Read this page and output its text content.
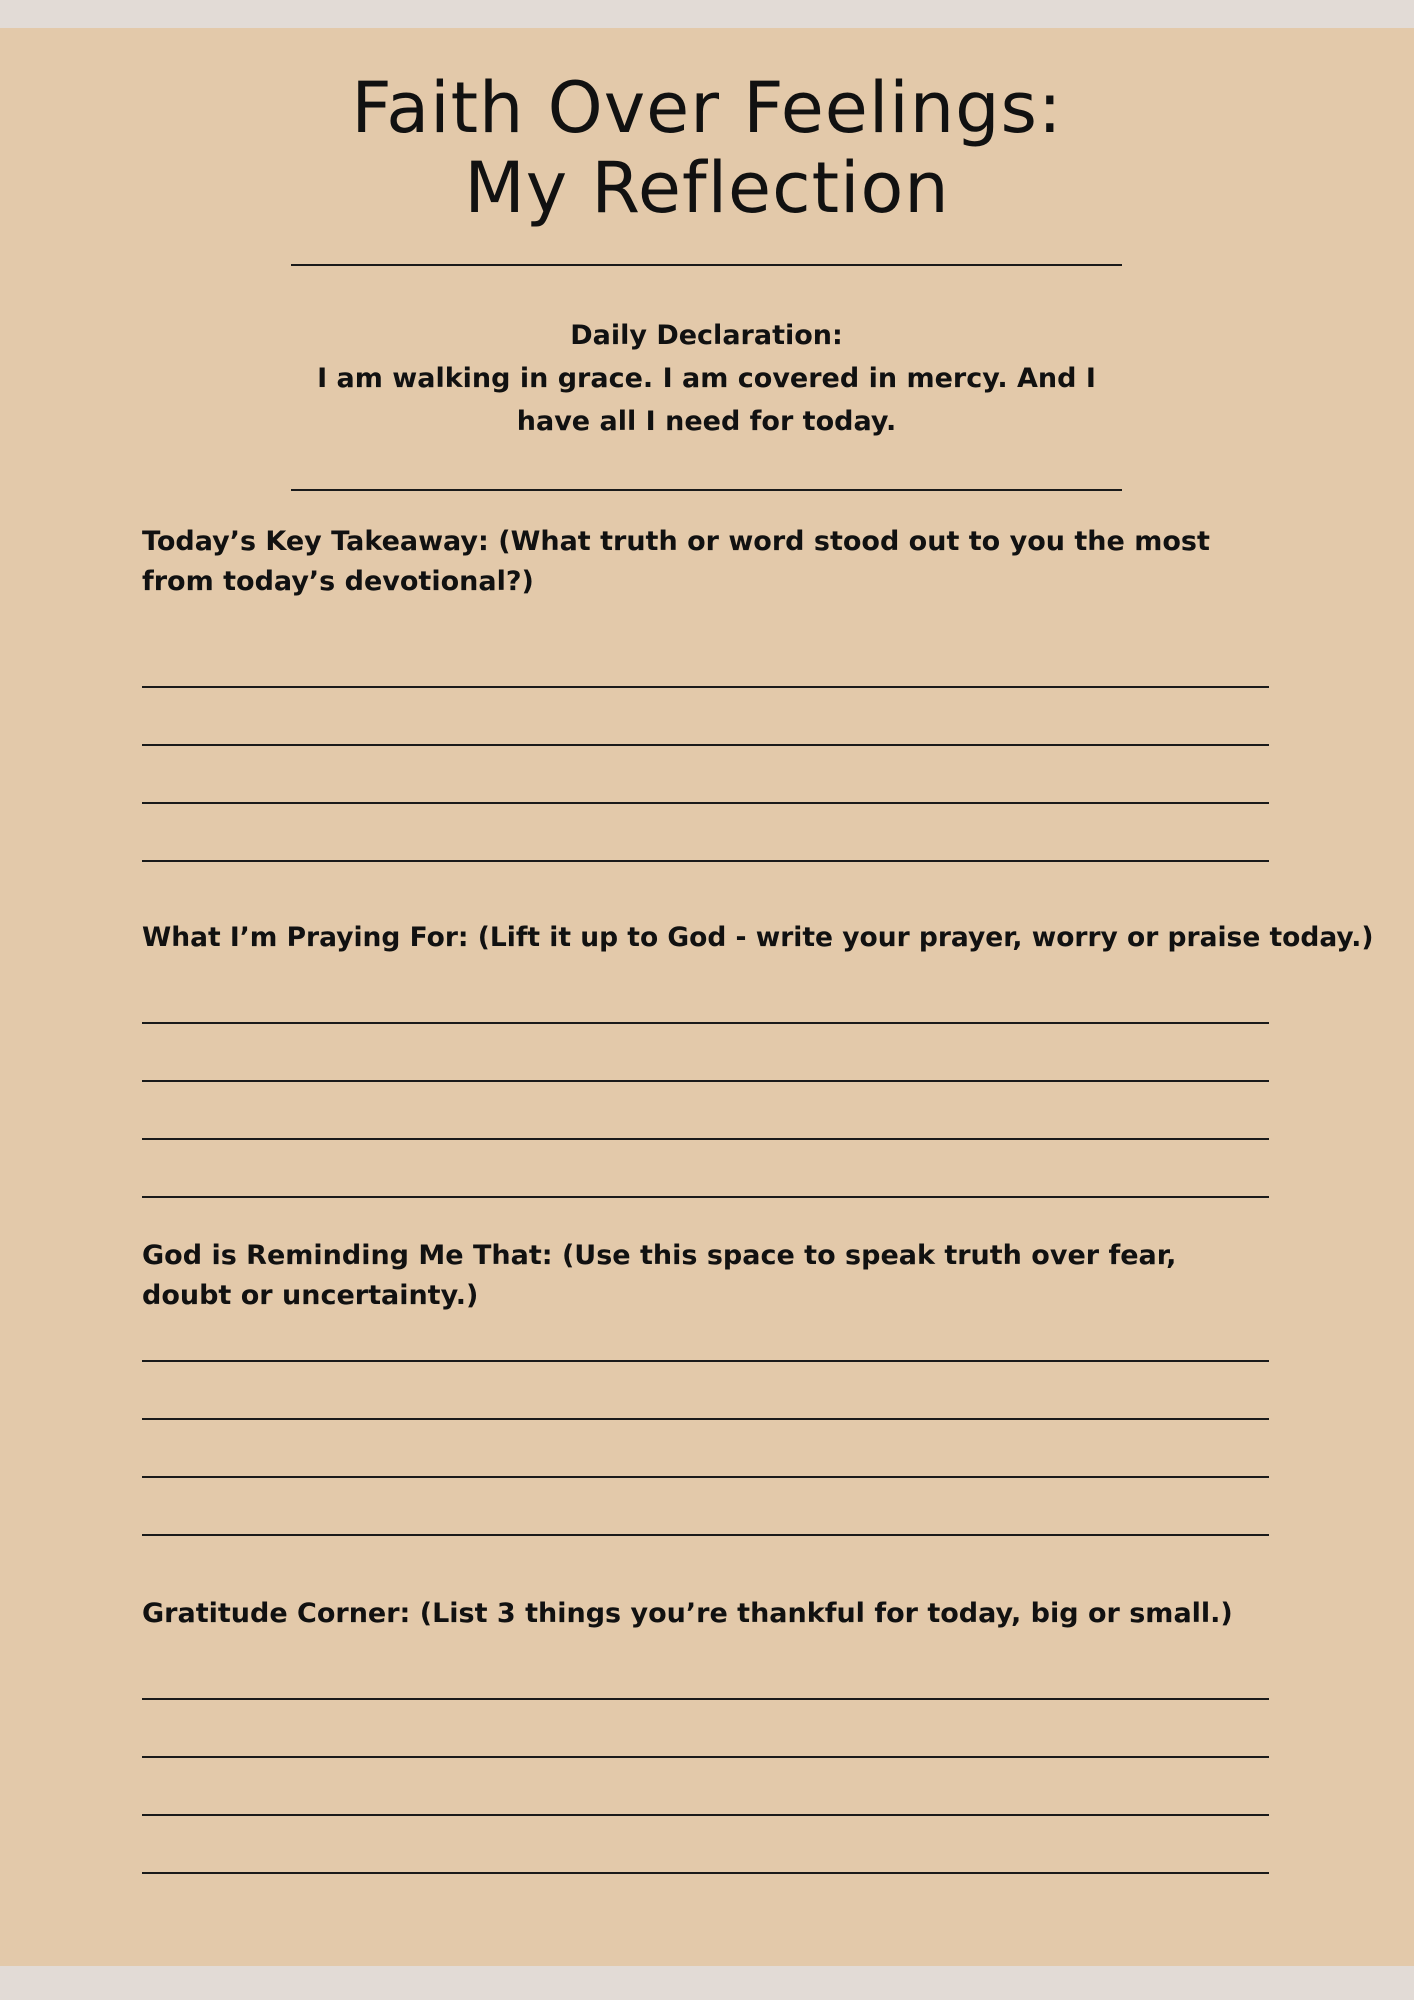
Faith Over Feelings:
My Reflection
Daily Declaration:
I am walking in grace. I am covered in mercy. And I
have all I need for today.
Today’s Key Takeaway: (What truth or word stood out to you the most from today’s devotional?)
What I’m Praying For: (Lift it up to God - write your prayer, worry or praise today.)
God is Reminding Me That: (Use this space to speak truth over fear, doubt or uncertainty.)
Gratitude Corner: (List 3 things you’re thankful for today, big or small.)
